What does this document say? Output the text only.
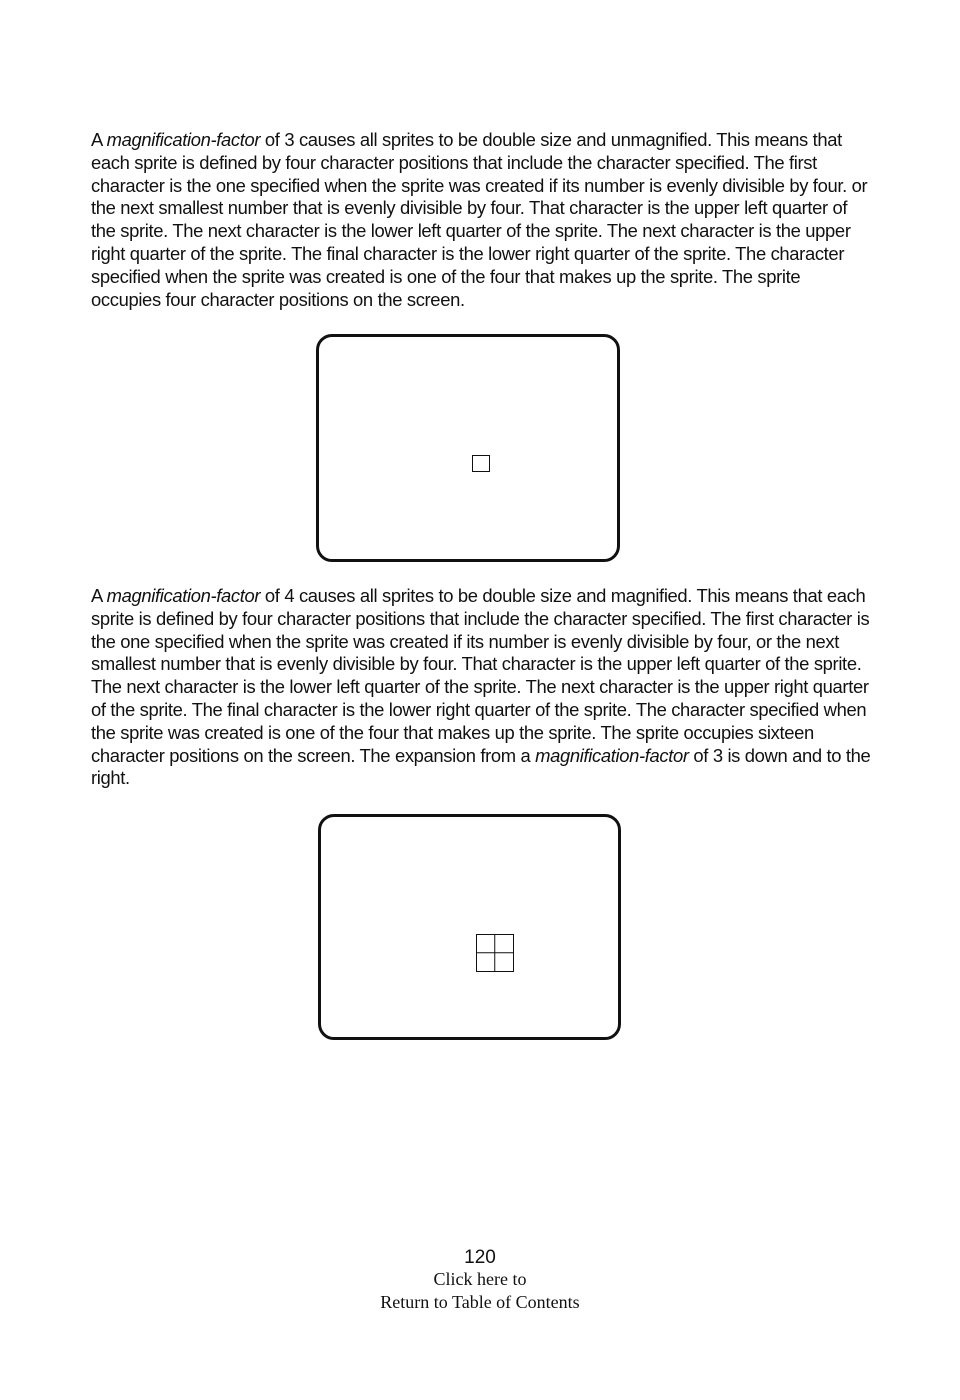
A magnification-factor of 3 causes all sprites to be double size and unmagnified. This means that each sprite is defined by four character positions that include the character specified. The first character is the one specified when the sprite was created if its number is evenly divisible by four. or the next smallest number that is evenly divisible by four. That character is the upper left quarter of the sprite. The next character is the lower left quarter of the sprite. The next character is the upper right quarter of the sprite. The final character is the lower right quarter of the sprite. The character specified when the sprite was created is one of the four that makes up the sprite. The sprite occupies four character positions on the screen.

A magnification-factor of 4 causes all sprites to be double size and magnified. This means that each sprite is defined by four character positions that include the character specified. The first character is the one specified when the sprite was created if its number is evenly divisible by four, or the next smallest number that is evenly divisible by four. That character is the upper left quarter of the sprite. The next character is the lower left quarter of the sprite. The next character is the upper right quarter of the sprite. The final character is the lower right quarter of the sprite. The character specified when the sprite was created is one of the four that makes up the sprite. The sprite occupies sixteen character positions on the screen. The expansion from a magnification-factor of 3 is down and to the right.

120
Click here to
Return to Table of Contents
